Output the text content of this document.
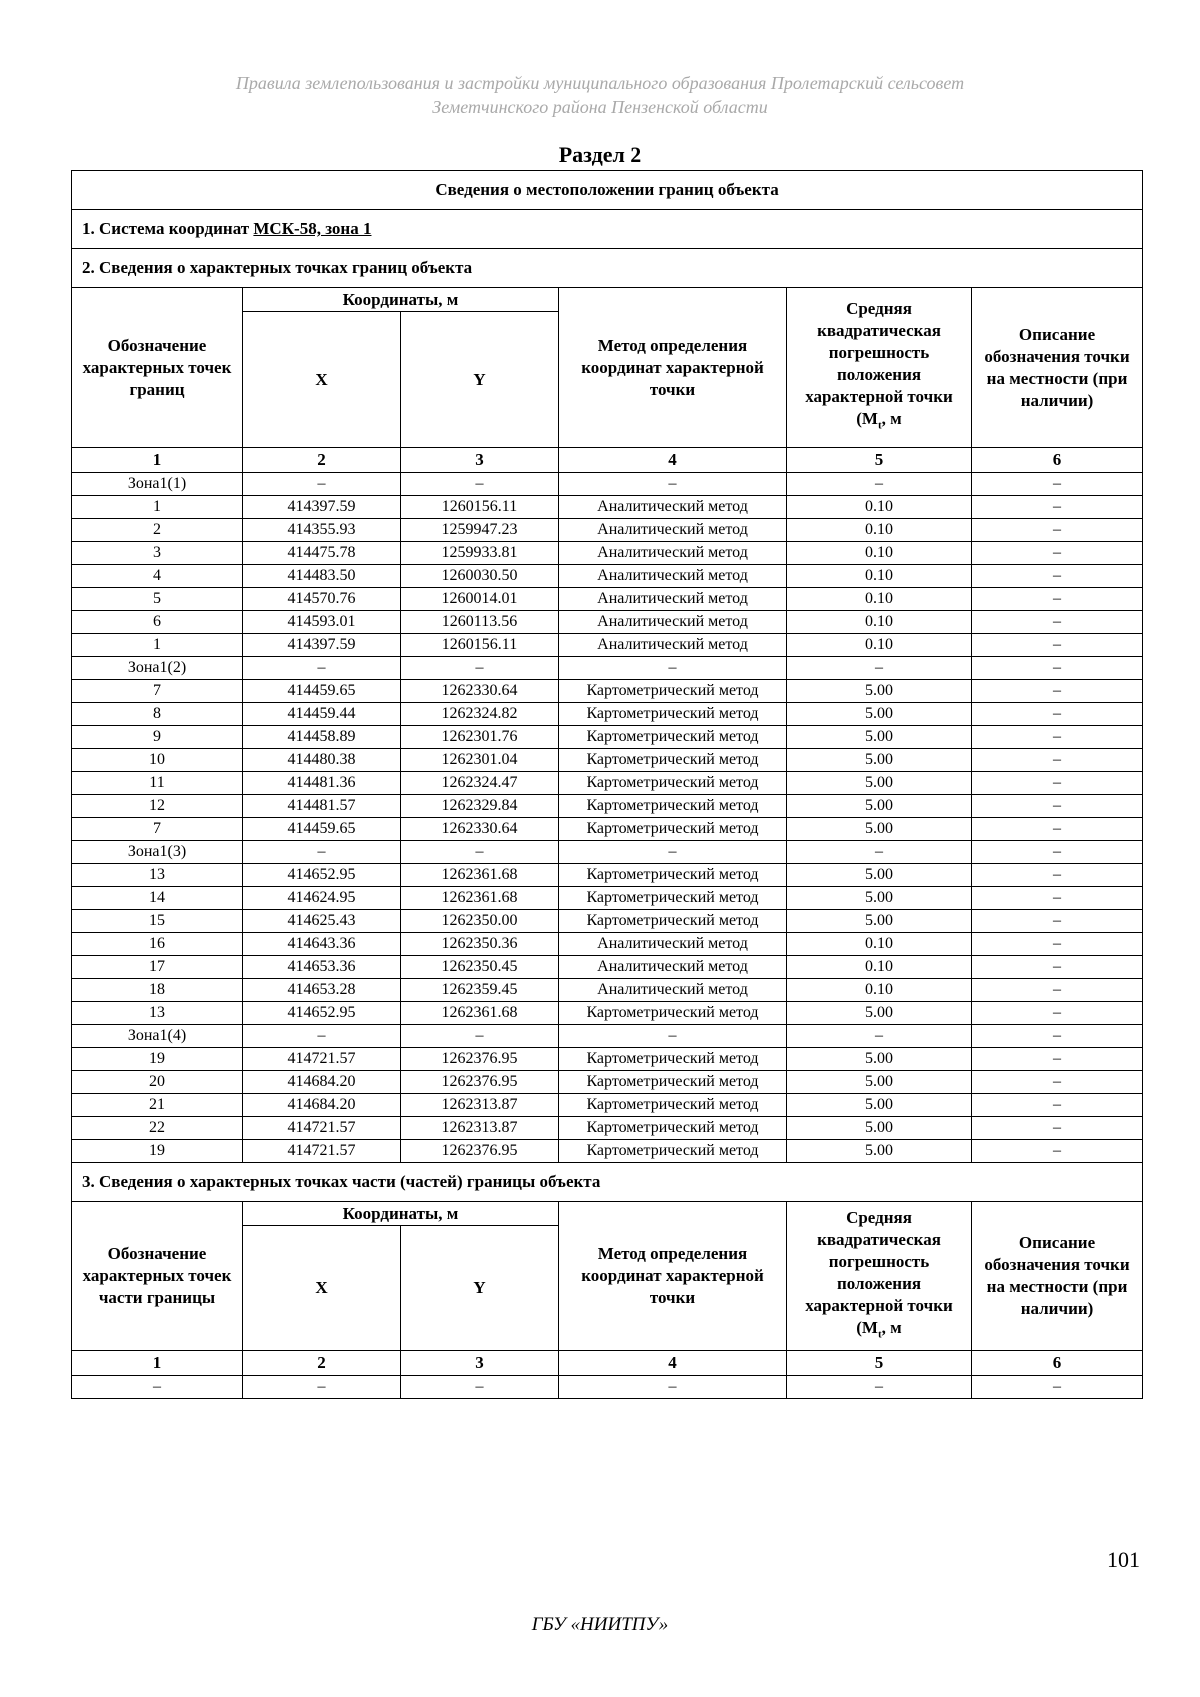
Правила землепользования и застройки муниципального образования Пролетарский сельсовет
Земетчинского района Пензенской области
Раздел 2
Сведения о местоположении границ объекта					
1. Система координат МСК-58, зона 1					
2. Сведения о характерных точках границ объекта					
Обозначение характерных точек границ	Координаты, м		Метод определения координат характерной точки	Средняя квадратическая погрешность положения характерной точки ($M_t$, м	Описание обозначения точки на местности (при наличии)
	X	Y			
1	2	3	4	5	6
Зона1(1)	–	–	–	–	–
1	414397.59	1260156.11	Аналитический метод	0.10	–
2	414355.93	1259947.23	Аналитический метод	0.10	–
3	414475.78	1259933.81	Аналитический метод	0.10	–
4	414483.50	1260030.50	Аналитический метод	0.10	–
5	414570.76	1260014.01	Аналитический метод	0.10	–
6	414593.01	1260113.56	Аналитический метод	0.10	–
1	414397.59	1260156.11	Аналитический метод	0.10	–
Зона1(2)	–	–	–	–	–
7	414459.65	1262330.64	Картометрический метод	5.00	–
8	414459.44	1262324.82	Картометрический метод	5.00	–
9	414458.89	1262301.76	Картометрический метод	5.00	–
10	414480.38	1262301.04	Картометрический метод	5.00	–
11	414481.36	1262324.47	Картометрический метод	5.00	–
12	414481.57	1262329.84	Картометрический метод	5.00	–
7	414459.65	1262330.64	Картометрический метод	5.00	–
Зона1(3)	–	–	–	–	–
13	414652.95	1262361.68	Картометрический метод	5.00	–
14	414624.95	1262361.68	Картометрический метод	5.00	–
15	414625.43	1262350.00	Картометрический метод	5.00	–
16	414643.36	1262350.36	Аналитический метод	0.10	–
17	414653.36	1262350.45	Аналитический метод	0.10	–
18	414653.28	1262359.45	Аналитический метод	0.10	–
13	414652.95	1262361.68	Картометрический метод	5.00	–
Зона1(4)	–	–	–	–	–
19	414721.57	1262376.95	Картометрический метод	5.00	–
20	414684.20	1262376.95	Картометрический метод	5.00	–
21	414684.20	1262313.87	Картометрический метод	5.00	–
22	414721.57	1262313.87	Картометрический метод	5.00	–
19	414721.57	1262376.95	Картометрический метод	5.00	–
3. Сведения о характерных точках части (частей) границы объекта					
Обозначение характерных точек части границы	Координаты, м		Метод определения координат характерной точки	Средняя квадратическая погрешность положения характерной точки ($M_t$, м	Описание обозначения точки на местности (при наличии)
	X	Y			
1	2	3	4	5	6
–	–	–	–	–	–
101
ГБУ «НИИТПУ»
